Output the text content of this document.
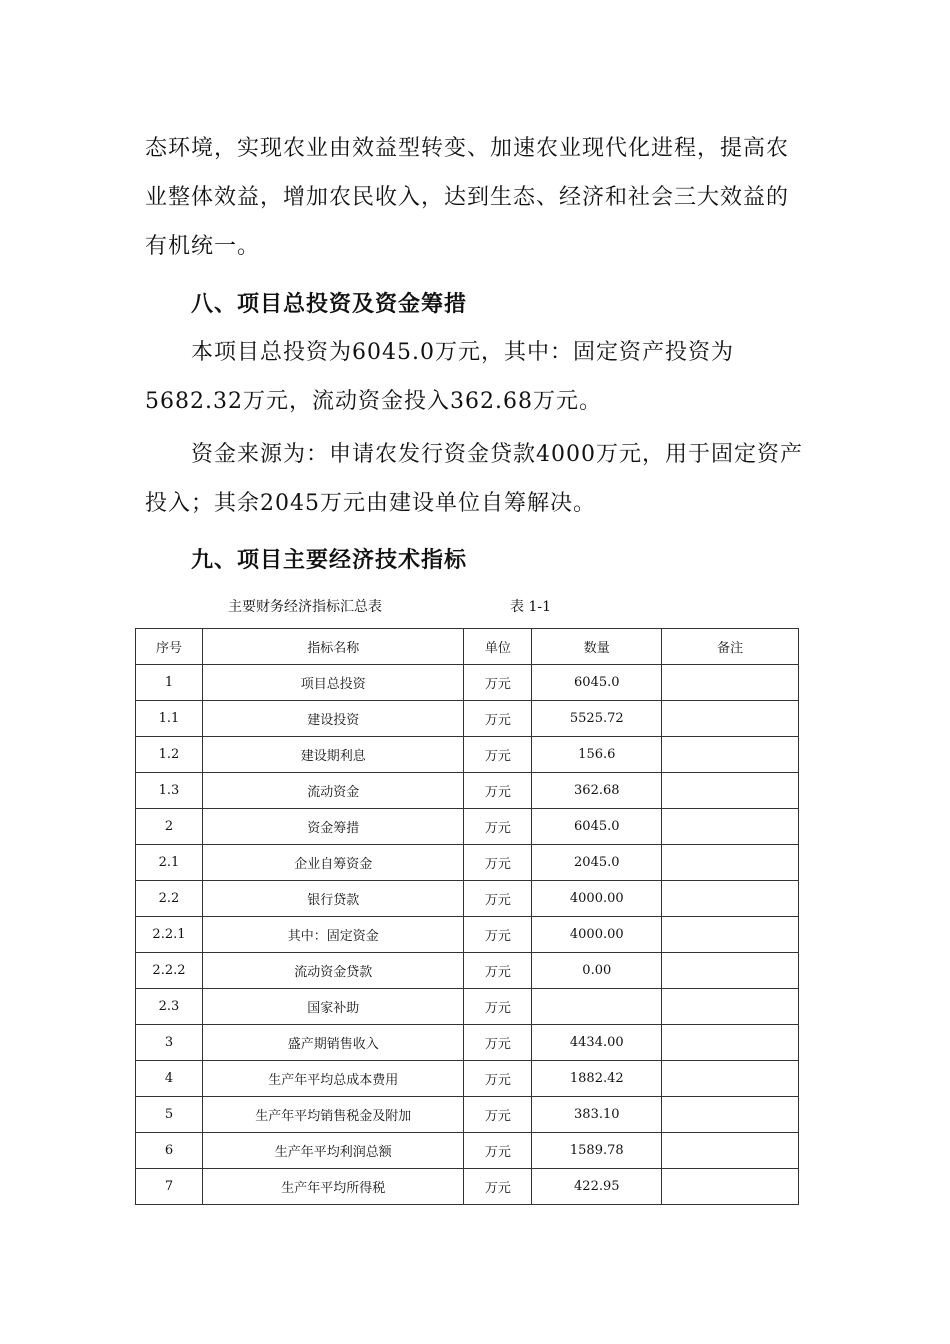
态环境，实现农业由效益型转变、加速农业现代化进程，提高农业整体效益，增加农民收入，达到生态、经济和社会三大效益的有机统一。

八、项目总投资及资金筹措

本项目总投资为6045.0万元，其中：固定资产投资为5682.32万元，流动资金投入362.68万元。

资金来源为：申请农发行资金贷款4000万元，用于固定资产投入；其余2045万元由建设单位自筹解决。

九、项目主要经济技术指标
主要财务经济指标汇总表	表 1-1
序号	指标名称	单位	数量	备注
1	项目总投资	万元	6045.0	
1.1	建设投资	万元	5525.72	
1.2	建设期利息	万元	156.6	
1.3	流动资金	万元	362.68	
2	资金筹措	万元	6045.0	
2.1	企业自筹资金	万元	2045.0	
2.2	银行贷款	万元	4000.00	
2.2.1	其中：固定资金	万元	4000.00	
2.2.2	流动资金贷款	万元	0.00	
2.3	国家补助	万元		
3	盛产期销售收入	万元	4434.00	
4	生产年平均总成本费用	万元	1882.42	
5	生产年平均销售税金及附加	万元	383.10	
6	生产年平均利润总额	万元	1589.78	
7	生产年平均所得税	万元	422.95	
